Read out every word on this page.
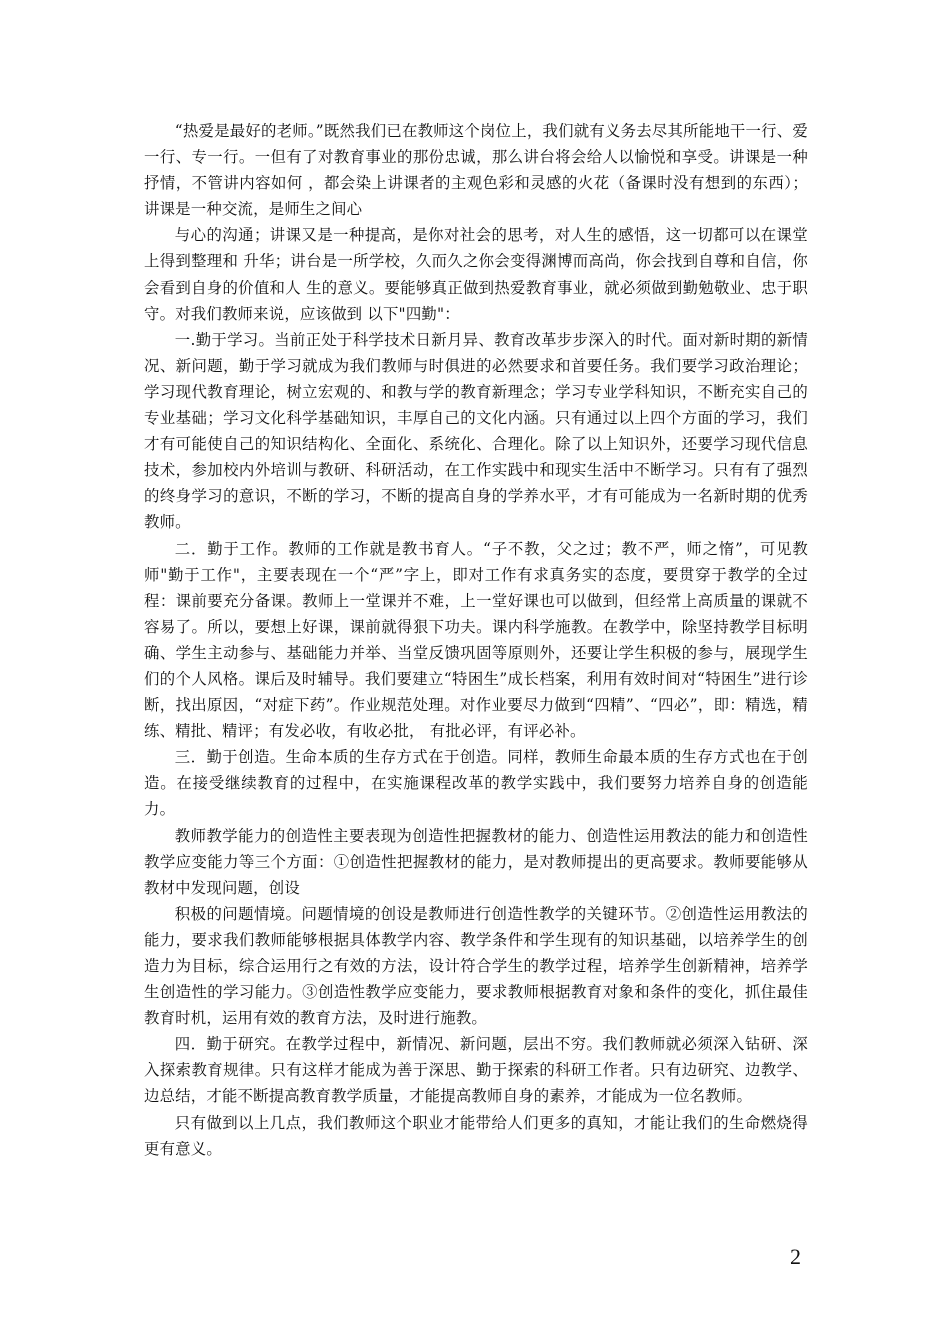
“热爱是最好的老师。”既然我们已在教师这个岗位上，我们就有义务去尽其所能地干一行、爱一行、专一行。一但有了对教育事业的那份忠诚，那么讲台将会给人以愉悦和享受。讲课是一种抒情，不管讲内容如何 ，都会染上讲课者的主观色彩和灵感的火花（备课时没有想到的东西）；讲课是一种交流，是师生之间心

与心的沟通；讲课又是一种提高，是你对社会的思考，对人生的感悟，这一切都可以在课堂上得到整理和 升华；讲台是一所学校，久而久之你会变得渊博而高尚，你会找到自尊和自信，你会看到自身的价值和人 生的意义。要能够真正做到热爱教育事业，就必须做到勤勉敬业、忠于职守。对我们教师来说，应该做到 以下"四勤"：

一.勤于学习。当前正处于科学技术日新月异、教育改革步步深入的时代。面对新时期的新情况、新问题，勤于学习就成为我们教师与时俱进的必然要求和首要任务。我们要学习政治理论；学习现代教育理论，树立宏观的、和教与学的教育新理念；学习专业学科知识，不断充实自己的专业基础；学习文化科学基础知识，丰厚自己的文化内涵。只有通过以上四个方面的学习，我们才有可能使自己的知识结构化、全面化、系统化、合理化。除了以上知识外，还要学习现代信息技术，参加校内外培训与教研、科研活动，在工作实践中和现实生活中不断学习。只有有了强烈的终身学习的意识，不断的学习，不断的提高自身的学养水平，才有可能成为一名新时期的优秀教师。

二．勤于工作。教师的工作就是教书育人。“子不教，父之过；教不严，师之惰”，可见教师"勤于工作"，主要表现在一个“严”字上，即对工作有求真务实的态度，要贯穿于教学的全过程：课前要充分备课。教师上一堂课并不难，上一堂好课也可以做到，但经常上高质量的课就不容易了。所以，要想上好课，课前就得狠下功夫。课内科学施教。在教学中，除坚持教学目标明确、学生主动参与、基础能力并举、当堂反馈巩固等原则外，还要让学生积极的参与，展现学生们的个人风格。课后及时辅导。我们要建立“特困生”成长档案，利用有效时间对“特困生”进行诊断，找出原因，“对症下药”。作业规范处理。对作业要尽力做到“四精”、“四必”，即：精选，精练、精批、精评；有发必收，有收必批， 有批必评，有评必补。

三．勤于创造。生命本质的生存方式在于创造。同样，教师生命最本质的生存方式也在于创造。在接受继续教育的过程中，在实施课程改革的教学实践中，我们要努力培养自身的创造能力。

教师教学能力的创造性主要表现为创造性把握教材的能力、创造性运用教法的能力和创造性教学应变能力等三个方面：①创造性把握教材的能力，是对教师提出的更高要求。教师要能够从教材中发现问题，创设

积极的问题情境。问题情境的创设是教师进行创造性教学的关键环节。②创造性运用教法的能力，要求我们教师能够根据具体教学内容、教学条件和学生现有的知识基础，以培养学生的创造力为目标，综合运用行之有效的方法，设计符合学生的教学过程，培养学生创新精神，培养学生创造性的学习能力。③创造性教学应变能力，要求教师根据教育对象和条件的变化，抓住最佳教育时机，运用有效的教育方法，及时进行施教。

四．勤于研究。在教学过程中，新情况、新问题，层出不穷。我们教师就必须深入钻研、深入探索教育规律。只有这样才能成为善于深思、勤于探索的科研工作者。只有边研究、边教学、边总结，才能不断提高教育教学质量，才能提高教师自身的素养，才能成为一位名教师。

只有做到以上几点，我们教师这个职业才能带给人们更多的真知，才能让我们的生命燃烧得更有意义。

2
